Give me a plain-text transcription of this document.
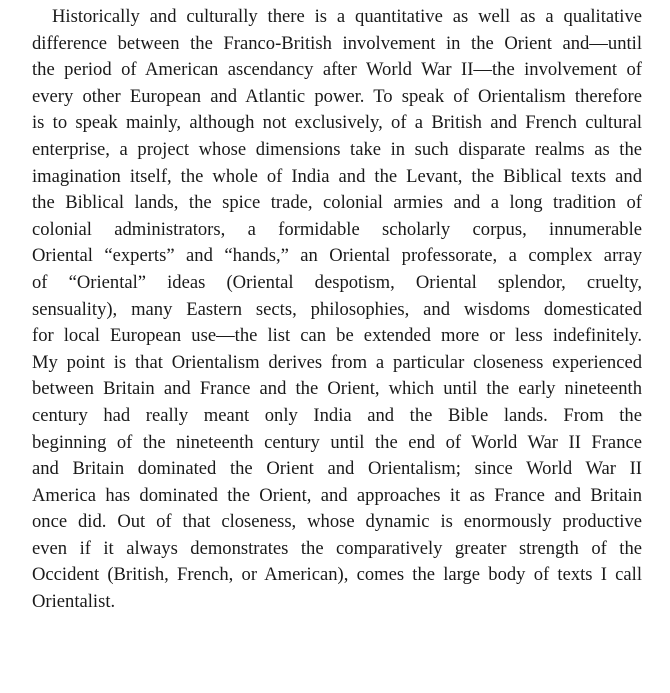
Historically and culturally there is a quantitative as well as a qualitative
difference between the Franco-British involvement in the Orient and—until
the period of American ascendancy after World War II—the involvement of
every other European and Atlantic power. To speak of Orientalism therefore
is to speak mainly, although not exclusively, of a British and French cultural
enterprise, a project whose dimensions take in such disparate realms as the
imagination itself, the whole of India and the Levant, the Biblical texts and
the Biblical lands, the spice trade, colonial armies and a long tradition of
colonial administrators, a formidable scholarly corpus, innumerable
Oriental “experts” and “hands,” an Oriental professorate, a complex array
of “Oriental” ideas (Oriental despotism, Oriental splendor, cruelty,
sensuality), many Eastern sects, philosophies, and wisdoms domesticated
for local European use—the list can be extended more or less indefinitely.
My point is that Orientalism derives from a particular closeness experienced
between Britain and France and the Orient, which until the early nineteenth
century had really meant only India and the Bible lands. From the
beginning of the nineteenth century until the end of World War II France
and Britain dominated the Orient and Orientalism; since World War II
America has dominated the Orient, and approaches it as France and Britain
once did. Out of that closeness, whose dynamic is enormously productive
even if it always demonstrates the comparatively greater strength of the
Occident (British, French, or American), comes the large body of texts I call
Orientalist.
